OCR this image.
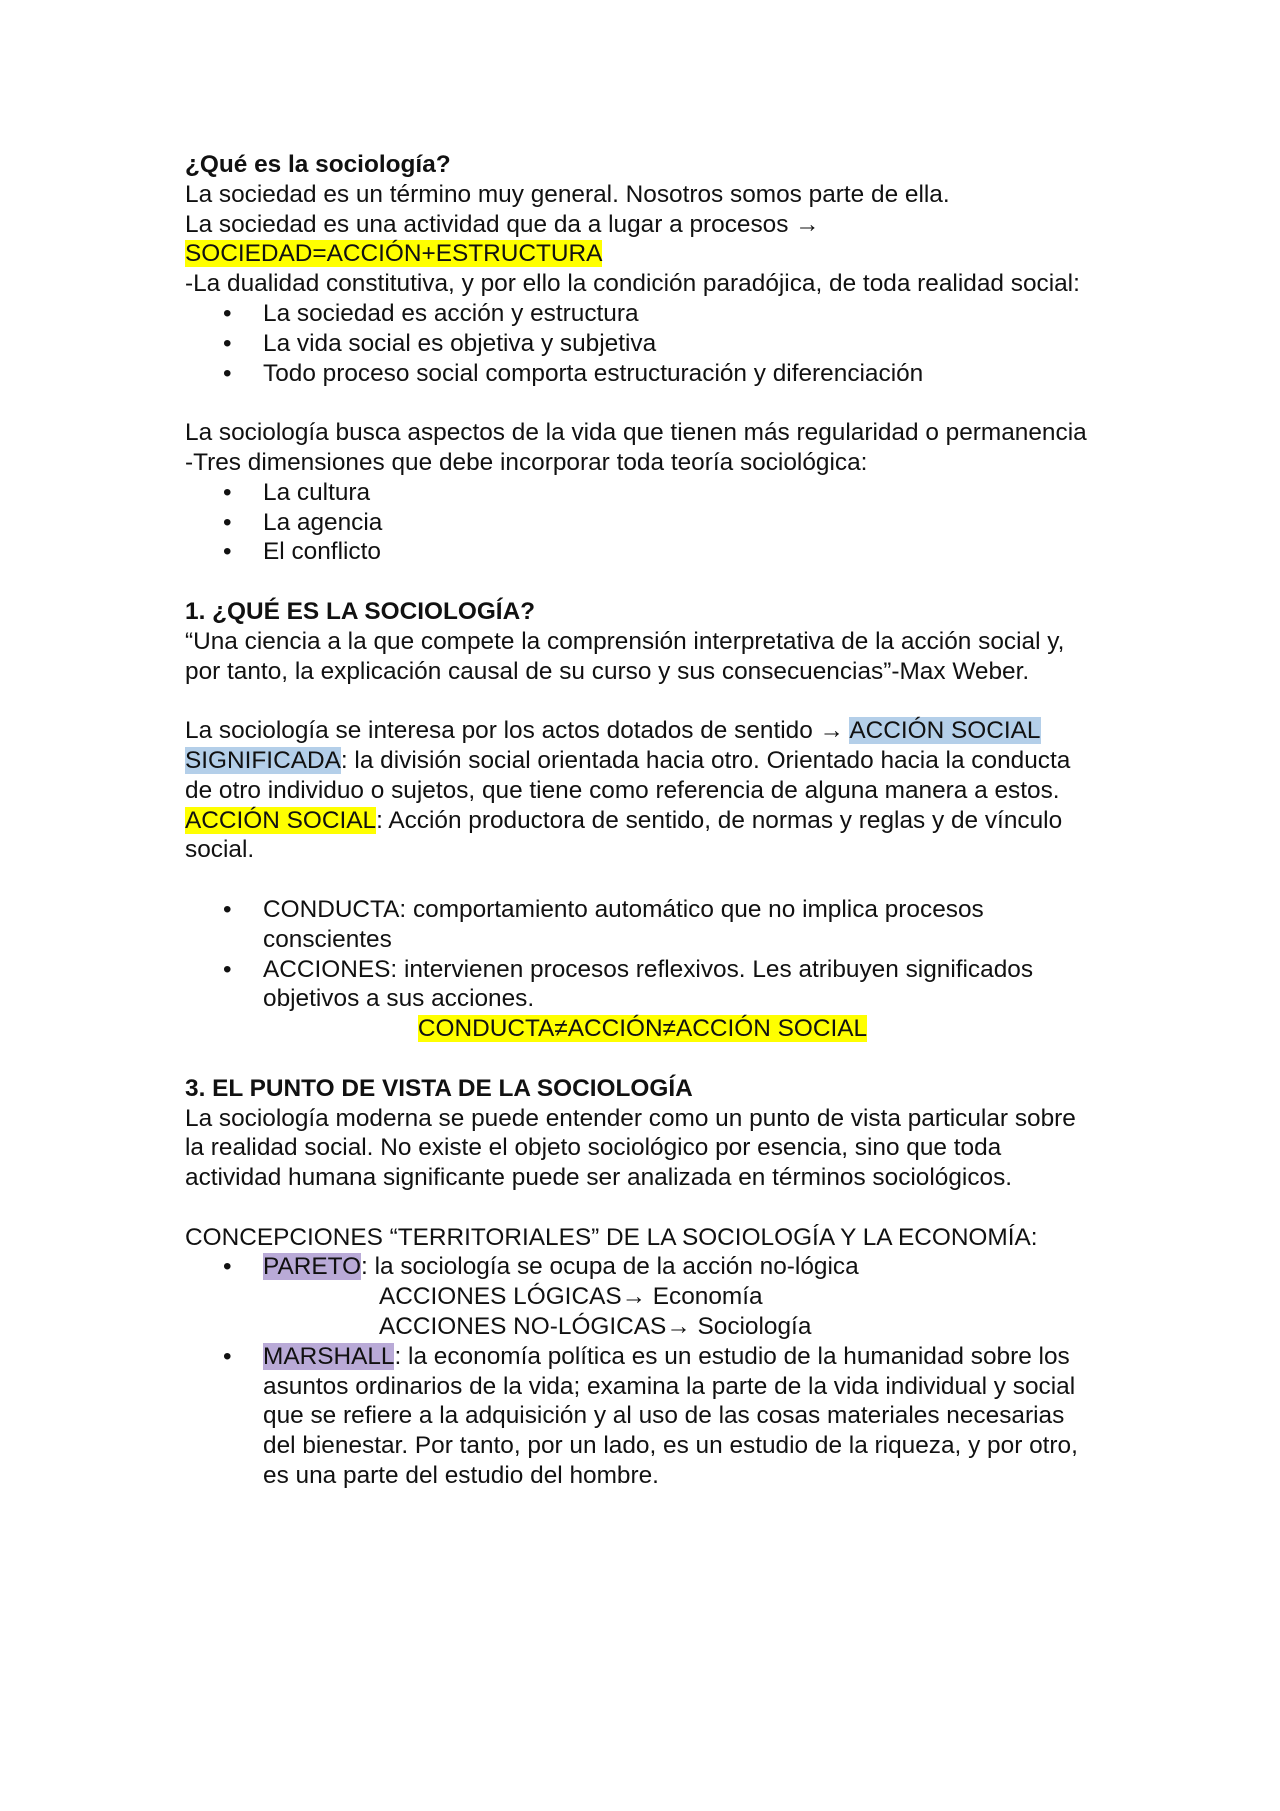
¿Qué es la sociología?

La sociedad es un término muy general. Nosotros somos parte de ella.

La sociedad es una actividad que da a lugar a procesos →

SOCIEDAD=ACCIÓN+ESTRUCTURA

-La dualidad constitutiva, y por ello la condición paradójica, de toda realidad social:

• La sociedad es acción y estructura
• La vida social es objetiva y subjetiva
• Todo proceso social comporta estructuración y diferenciación

La sociología busca aspectos de la vida que tienen más regularidad o permanencia

-Tres dimensiones que debe incorporar toda teoría sociológica:

• La cultura
• La agencia
• El conflicto

1. ¿QUÉ ES LA SOCIOLOGÍA?

“Una ciencia a la que compete la comprensión interpretativa de la acción social y, por tanto, la explicación causal de su curso y sus consecuencias”-Max Weber.

La sociología se interesa por los actos dotados de sentido → ACCIÓN SOCIAL SIGNIFICADA: la división social orientada hacia otro. Orientado hacia la conducta de otro individuo o sujetos, que tiene como referencia de alguna manera a estos.

ACCIÓN SOCIAL: Acción productora de sentido, de normas y reglas y de vínculo social.

• CONDUCTA: comportamiento automático que no implica procesos conscientes
• ACCIONES: intervienen procesos reflexivos. Les atribuyen significados objetivos a sus acciones.

CONDUCTA≠ACCIÓN≠ACCIÓN SOCIAL

3. EL PUNTO DE VISTA DE LA SOCIOLOGÍA

La sociología moderna se puede entender como un punto de vista particular sobre la realidad social. No existe el objeto sociológico por esencia, sino que toda actividad humana significante puede ser analizada en términos sociológicos.

CONCEPCIONES “TERRITORIALES” DE LA SOCIOLOGÍA Y LA ECONOMÍA:

• PARETO: la sociología se ocupa de la acción no-lógica

ACCIONES LÓGICAS→ Economía

ACCIONES NO-LÓGICAS→ Sociología

• MARSHALL: la economía política es un estudio de la humanidad sobre los asuntos ordinarios de la vida; examina la parte de la vida individual y social que se refiere a la adquisición y al uso de las cosas materiales necesarias del bienestar. Por tanto, por un lado, es un estudio de la riqueza, y por otro, es una parte del estudio del hombre.
